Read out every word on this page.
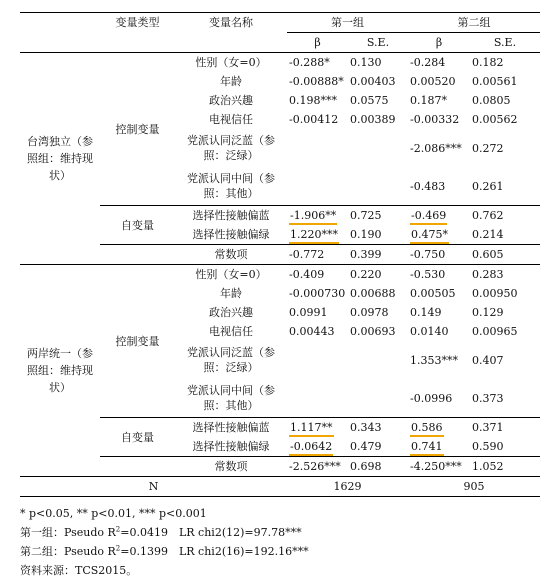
	变量类型	变量名称	第一组		第二组	
			β	S.E.	β	S.E.
台湾独立（参照组：维持现状）	控制变量	性别（女=0）	-0.288*	0.130	-0.284	0.182
		年龄	-0.00888*	0.00403	0.00520	0.00561
		政治兴趣	0.198***	0.0575	0.187*	0.0805
		电视信任	-0.00412	0.00389	-0.00332	0.00562
		党派认同泛蓝（参照：泛绿）			-2.086***	0.272
		党派认同中间（参照：其他）			-0.483	0.261
	自变量	选择性接触偏蓝	-1.906**	0.725	-0.469	0.762
		选择性接触偏绿	1.220***	0.190	0.475*	0.214
		常数项	-0.772	0.399	-0.750	0.605
两岸统一（参照组：维持现状）	控制变量	性别（女=0）	-0.409	0.220	-0.530	0.283
		年龄	-0.000730	0.00688	0.00505	0.00950
		政治兴趣	0.0991	0.0978	0.149	0.129
		电视信任	0.00443	0.00693	0.0140	0.00965
		党派认同泛蓝（参照：泛绿）			1.353***	0.407
		党派认同中间（参照：其他）			-0.0996	0.373
	自变量	选择性接触偏蓝	1.117**	0.343	0.586	0.371
		选择性接触偏绿	-0.0642	0.479	0.741	0.590
		常数项	-2.526***	0.698	-4.250***	1.052
N			1629		905	
* p<0.05, ** p<0.01, *** p<0.001
第一组：Pseudo $R^2=0.0419$　LR chi2(12)=97.78***
第二组：Pseudo $R^2=0.1399$　LR chi2(16)=192.16***
资料来源：TCS2015。
